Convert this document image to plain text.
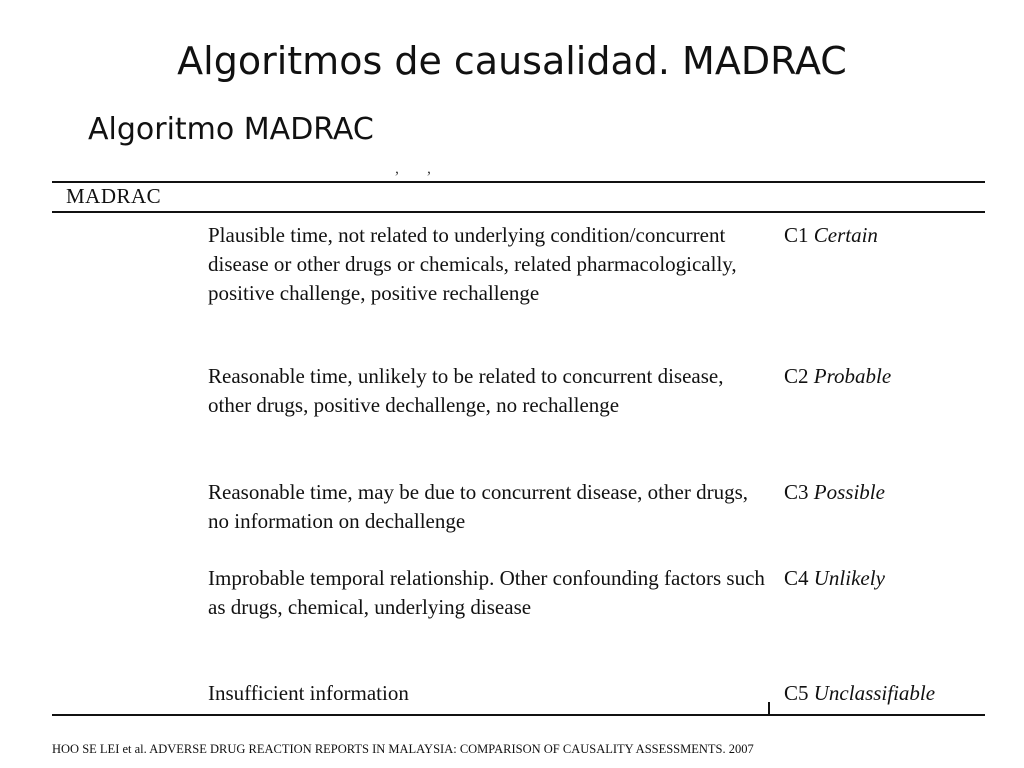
Algoritmos de causalidad. MADRAC
Algoritmo MADRAC
,,
MADRAC
Plausible time, not related to underlying condition/concurrent disease or other drugs or chemicals, related pharmacologically, positive challenge, positive rechallenge
C1 Certain
Reasonable time, unlikely to be related to concurrent disease, other drugs, positive dechallenge, no rechallenge
C2 Probable
Reasonable time, may be due to concurrent disease, other drugs, no information on dechallenge
C3 Possible
Improbable temporal relationship. Other confounding factors such as drugs, chemical, underlying disease
C4 Unlikely
Insufficient information	C5 Unclassifiable
HOO SE LEI et al. ADVERSE DRUG REACTION REPORTS IN MALAYSIA: COMPARISON OF CAUSALITY ASSESSMENTS. 2007
